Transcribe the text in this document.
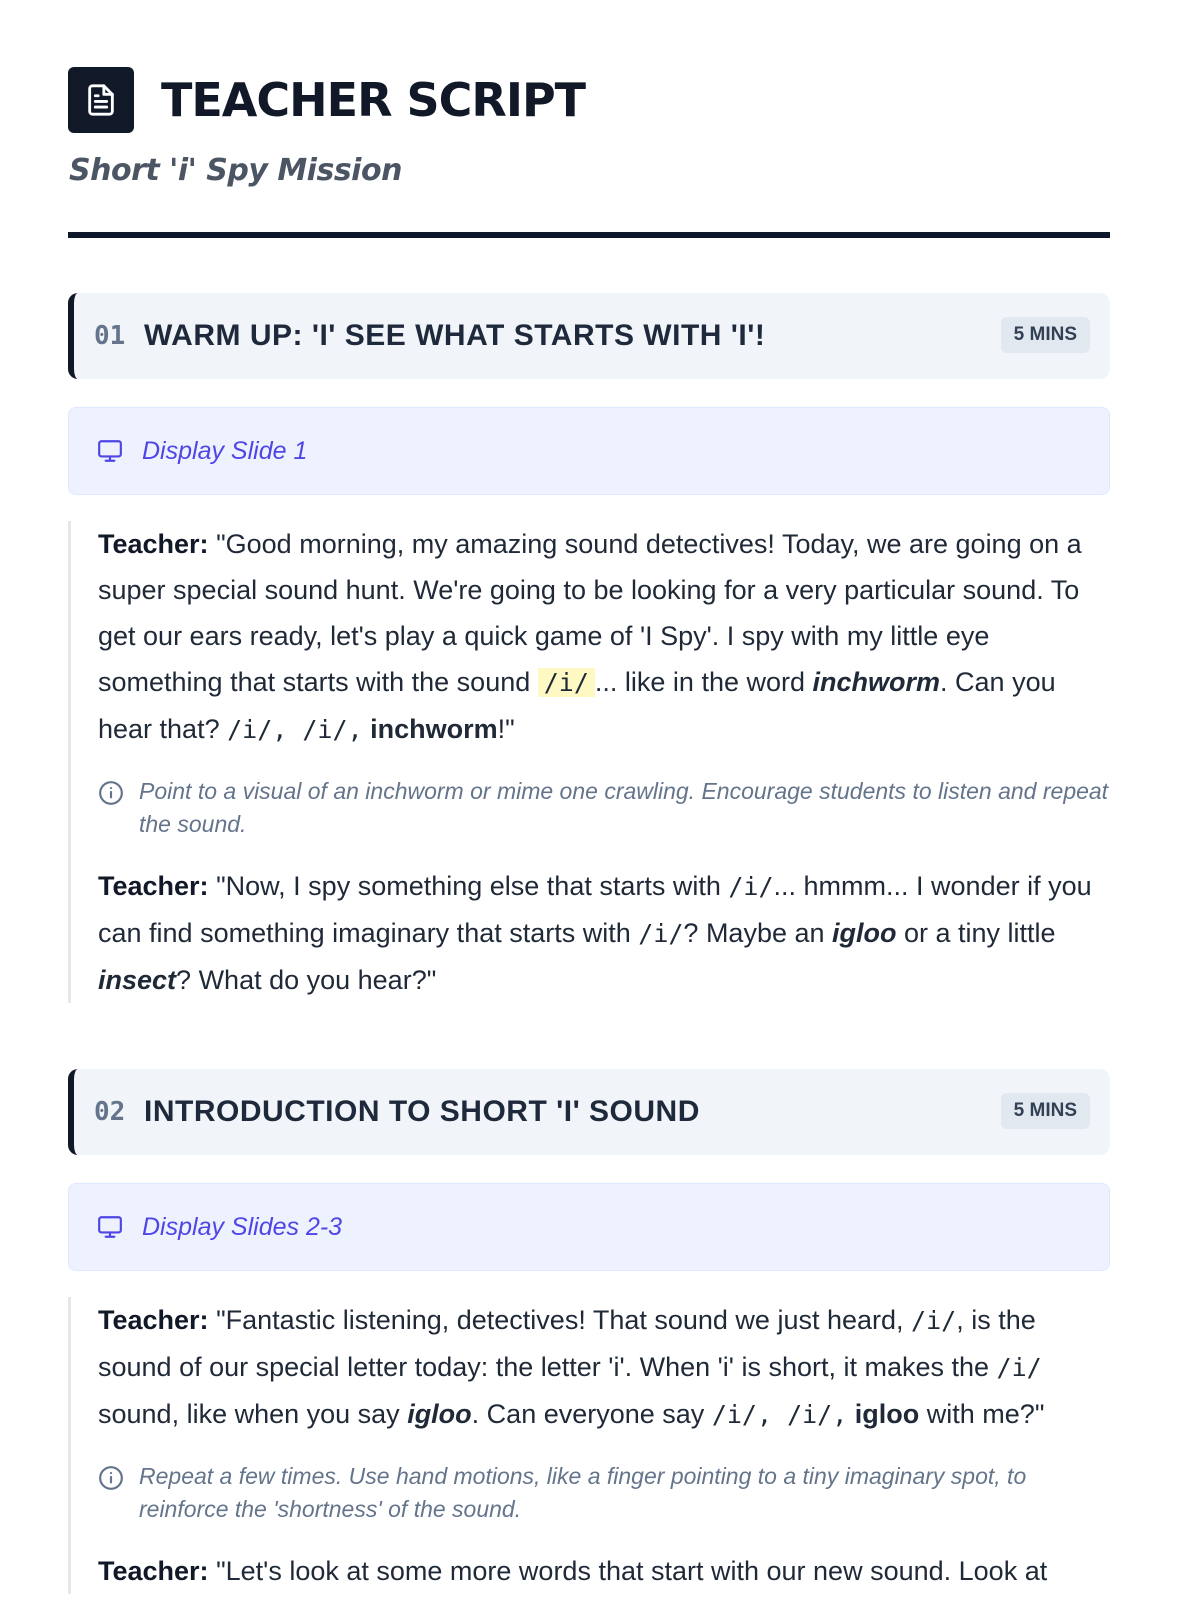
TEACHER SCRIPT
Short 'i' Spy Mission
01 WARM UP: 'I' SEE WHAT STARTS WITH 'I'!	5 MINS
Display Slide 1

Teacher: "Good morning, my amazing sound detectives! Today, we are going on a super special sound hunt. We're going to be looking for a very particular sound. To get our ears ready, let's play a quick game of 'I Spy'. I spy with my little eye something that starts with the sound /i/ ... like in the word inchworm. Can you hear that? /i/, /i/, inchworm!"

Point to a visual of an inchworm or mime one crawling. Encourage students to listen and repeat the sound.

Teacher: "Now, I spy something else that starts with /i/... hmmm... I wonder if you can find something imaginary that starts with /i/? Maybe an igloo or a tiny little insect? What do you hear?"

02 INTRODUCTION TO SHORT 'I' SOUND	5 MINS
Display Slides 2-3

Teacher: "Fantastic listening, detectives! That sound we just heard, /i/, is the sound of our special letter today: the letter 'i'. When 'i' is short, it makes the /i/ sound, like when you say igloo. Can everyone say /i/, /i/, igloo with me?"

Repeat a few times. Use hand motions, like a finger pointing to a tiny imaginary spot, to reinforce the 'shortness' of the sound.

Teacher: "Let's look at some more words that start with our new sound. Look at
